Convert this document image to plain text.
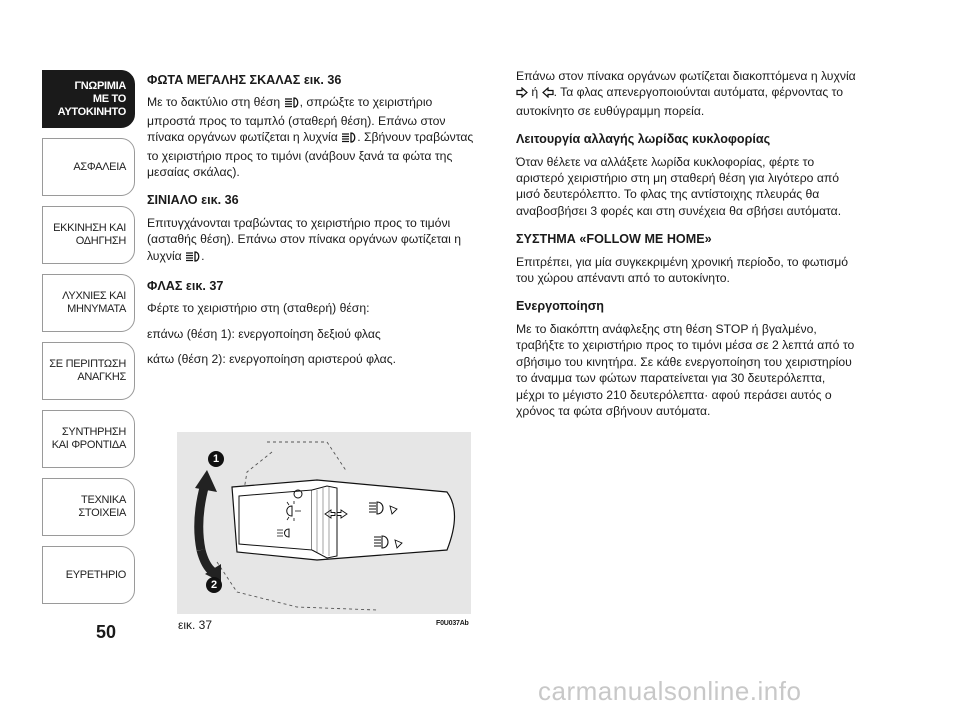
ΓΝΩΡΙΜΙΑ
ΜΕ ΤΟ
ΑΥΤΟΚΙΝΗΤΟ
ΑΣΦΑΛΕΙΑ
ΕΚΚΙΝΗΣΗ ΚΑΙ
ΟΔΗΓΗΣΗ
ΛΥΧΝΙΕΣ ΚΑΙ
ΜΗΝΥΜΑΤΑ
ΣΕ ΠΕΡΙΠΤΩΣΗ
ΑΝΑΓΚΗΣ
ΣΥΝΤΗΡΗΣΗ
ΚΑΙ ΦΡΟΝΤΙΔΑ
ΤΕΧΝΙΚΑ
ΣΤΟΙΧΕΙΑ
ΕΥΡΕΤΗΡΙΟ
50
ΦΩΤΑ ΜΕΓΑΛΗΣ ΣΚΑΛΑΣ εικ. 36

Με το δακτύλιο στη θέση , σπρώξτε το χειριστήριο μπροστά προς το ταμπλό (σταθερή θέση). Επάνω στον πίνακα οργάνων φωτίζεται η λυχνία . Σβήνουν τραβώντας το χειριστήριο προς το τιμόνι (ανάβουν ξανά τα φώτα της μεσαίας σκάλας).

ΣΙΝΙΑΛΟ εικ. 36

Επιτυγχάνονται τραβώντας το χειριστήριο προς το τιμόνι (ασταθής θέση). Επάνω στον πίνακα οργάνων φωτίζεται η λυχνία .

ΦΛΑΣ εικ. 37

Φέρτε το χειριστήριο στη (σταθερή) θέση:

επάνω (θέση 1): ενεργοποίηση δεξιού φλας

κάτω (θέση 2): ενεργοποίηση αριστερού φλας.

Επάνω στον πίνακα οργάνων φωτίζεται διακοπτόμενα η λυχνία  ή . Τα φλας απενεργοποιούνται αυτόματα, φέρνοντας το αυτοκίνητο σε ευθύγραμμη πορεία.

Λειτουργία αλλαγής λωρίδας κυκλοφορίας

Όταν θέλετε να αλλάξετε λωρίδα κυκλοφορίας, φέρτε το αριστερό χειριστήριο στη μη σταθερή θέση για λιγότερο από μισό δευτερόλεπτο. Το φλας της αντίστοιχης πλευράς θα αναβοσβήσει 3 φορές και στη συνέχεια θα σβήσει αυτόματα.

ΣΥΣΤΗΜΑ «FOLLOW ME HOME»

Επιτρέπει, για μία συγκεκριμένη χρονική περίοδο, το φωτισμό του χώρου απέναντι από το αυτοκίνητο.

Ενεργοποίηση

Με το διακόπτη ανάφλεξης στη θέση STOP ή βγαλμένο, τραβήξτε το χειριστήριο προς το τιμόνι μέσα σε 2 λεπτά από το σβήσιμο του κινητήρα. Σε κάθε ενεργοποίηση του χειριστηρίου το άναμμα των φώτων παρατείνεται για 30 δευτερόλεπτα, μέχρι το μέγιστο 210 δευτερόλεπτα· αφού περάσει αυτός ο χρόνος τα φώτα σβήνουν αυτόματα.

1
2
εικ. 37	F0U037Ab
carmanualsonline.info
